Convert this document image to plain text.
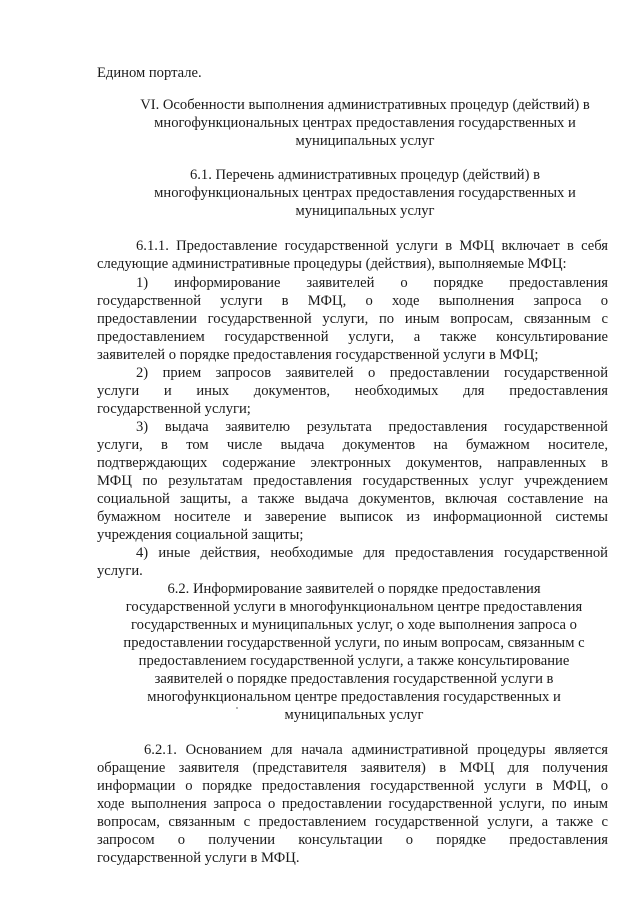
Едином портале.
VI. Особенности выполнения административных процедур (действий) в
многофункциональных центрах предоставления государственных и
муниципальных услуг
6.1. Перечень административных процедур (действий) в
многофункциональных центрах предоставления государственных и
муниципальных услуг
6.1.1. Предоставление государственной услуги в МФЦ включает в себя
следующие административные процедуры (действия), выполняемые МФЦ:
1) информирование заявителей о порядке предоставления
государственной услуги в МФЦ, о ходе выполнения запроса о
предоставлении государственной услуги, по иным вопросам, связанным с
предоставлением государственной услуги, а также консультирование
заявителей о порядке предоставления государственной услуги в МФЦ;
2) прием запросов заявителей о предоставлении государственной
услуги и иных документов, необходимых для предоставления
государственной услуги;
3) выдача заявителю результата предоставления государственной
услуги, в том числе выдача документов на бумажном носителе,
подтверждающих содержание электронных документов, направленных в
МФЦ по результатам предоставления государственных услуг учреждением
социальной защиты, а также выдача документов, включая составление на
бумажном носителе и заверение выписок из информационной системы
учреждения социальной защиты;
4) иные действия, необходимые для предоставления государственной
услуги.
6.2. Информирование заявителей о порядке предоставления
государственной услуги в многофункциональном центре предоставления
государственных и муниципальных услуг, о ходе выполнения запроса о
предоставлении государственной услуги, по иным вопросам, связанным с
предоставлением государственной услуги, а также консультирование
заявителей о порядке предоставления государственной услуги в
многофункциональном центре предоставления государственных и
муниципальных услуг
6.2.1. Основанием для начала административной процедуры является
обращение заявителя (представителя заявителя) в МФЦ для получения
информации о порядке предоставления государственной услуги в МФЦ, о
ходе выполнения запроса о предоставлении государственной услуги, по иным
вопросам, связанным с предоставлением государственной услуги, а также с
запросом о получении консультации о порядке предоставления
государственной услуги в МФЦ.
